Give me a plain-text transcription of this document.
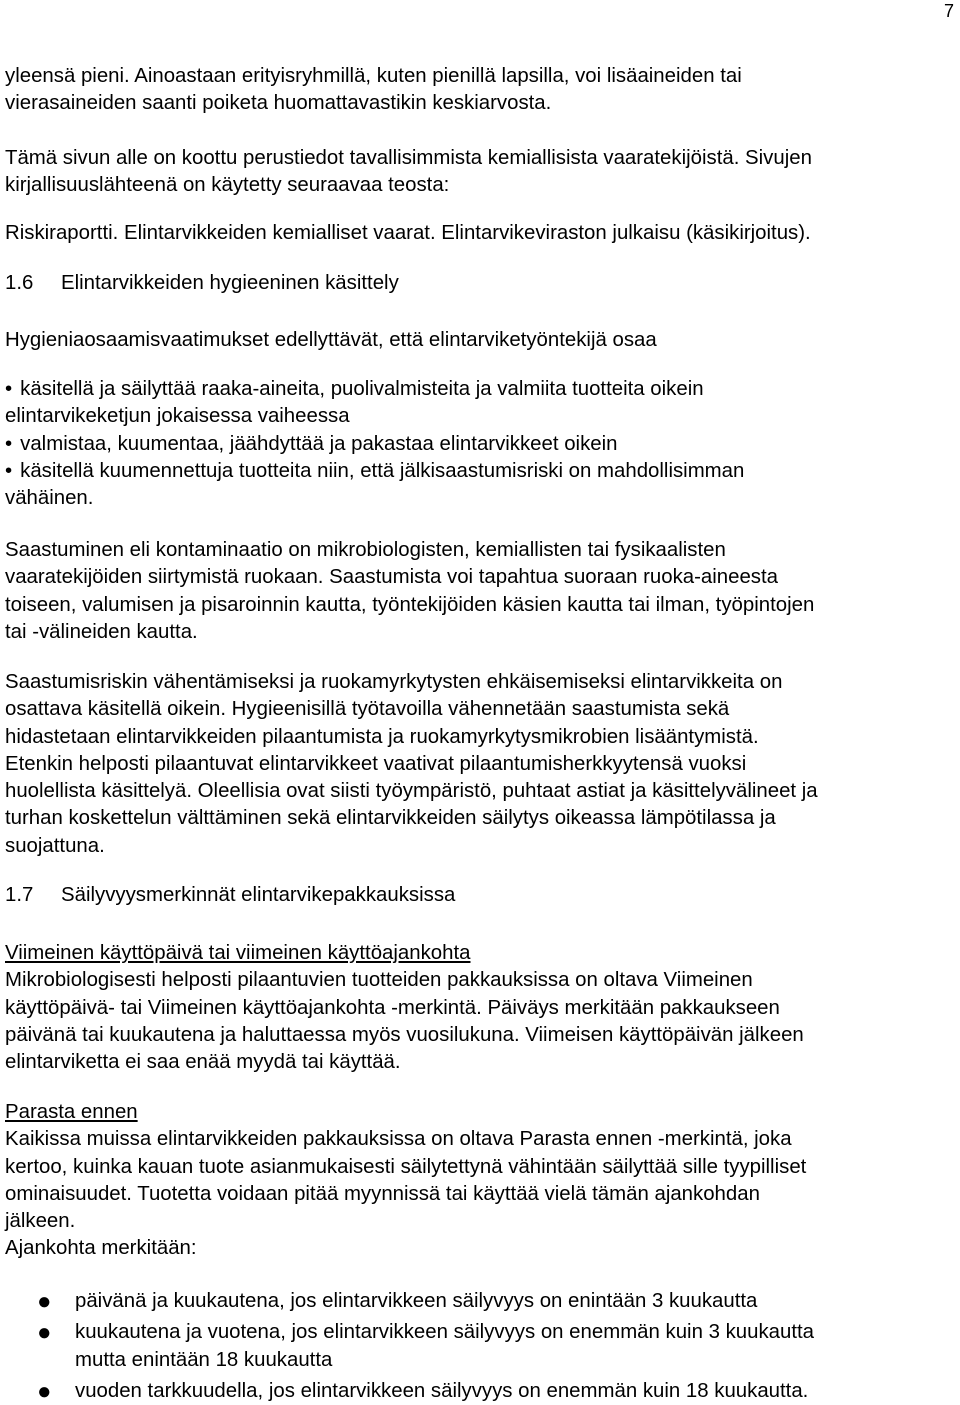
7
yleensä pieni. Ainoastaan erityisryhmillä, kuten pienillä lapsilla, voi lisäaineiden tai
vierasaineiden saanti poiketa huomattavastikin keskiarvosta.
Tämä sivun alle on koottu perustiedot tavallisimmista kemiallisista vaaratekijöistä. Sivujen
kirjallisuuslähteenä on käytetty seuraavaa teosta:
Riskiraportti. Elintarvikkeiden kemialliset vaarat. Elintarvikeviraston julkaisu (käsikirjoitus).
1.6 Elintarvikkeiden hygieeninen käsittely
Hygieniaosaamisvaatimukset edellyttävät, että elintarviketyöntekijä osaa
• käsitellä ja säilyttää raaka-aineita, puolivalmisteita ja valmiita tuotteita oikein
elintarvikeketjun jokaisessa vaiheessa
• valmistaa, kuumentaa, jäähdyttää ja pakastaa elintarvikkeet oikein
• käsitellä kuumennettuja tuotteita niin, että jälkisaastumisriski on mahdollisimman
vähäinen.
Saastuminen eli kontaminaatio on mikrobiologisten, kemiallisten tai fysikaalisten
vaaratekijöiden siirtymistä ruokaan. Saastumista voi tapahtua suoraan ruoka-aineesta
toiseen, valumisen ja pisaroinnin kautta, työntekijöiden käsien kautta tai ilman, työpintojen
tai -välineiden kautta.
Saastumisriskin vähentämiseksi ja ruokamyrkytysten ehkäisemiseksi elintarvikkeita on
osattava käsitellä oikein. Hygieenisillä työtavoilla vähennetään saastumista sekä
hidastetaan elintarvikkeiden pilaantumista ja ruokamyrkytysmikrobien lisääntymistä.
Etenkin helposti pilaantuvat elintarvikkeet vaativat pilaantumisherkkyytensä vuoksi
huolellista käsittelyä. Oleellisia ovat siisti työympäristö, puhtaat astiat ja käsittelyvälineet ja
turhan koskettelun välttäminen sekä elintarvikkeiden säilytys oikeassa lämpötilassa ja
suojattuna.
1.7 Säilyvyysmerkinnät elintarvikepakkauksissa
Viimeinen käyttöpäivä tai viimeinen käyttöajankohta
Mikrobiologisesti helposti pilaantuvien tuotteiden pakkauksissa on oltava Viimeinen
käyttöpäivä- tai Viimeinen käyttöajankohta -merkintä. Päiväys merkitään pakkaukseen
päivänä tai kuukautena ja haluttaessa myös vuosilukuna. Viimeisen käyttöpäivän jälkeen
elintarviketta ei saa enää myydä tai käyttää.
Parasta ennen
Kaikissa muissa elintarvikkeiden pakkauksissa on oltava Parasta ennen -merkintä, joka
kertoo, kuinka kauan tuote asianmukaisesti säilytettynä vähintään säilyttää sille tyypilliset
ominaisuudet. Tuotetta voidaan pitää myynnissä tai käyttää vielä tämän ajankohdan
jälkeen.
Ajankohta merkitään:
● päivänä ja kuukautena, jos elintarvikkeen säilyvyys on enintään 3 kuukautta
● kuukautena ja vuotena, jos elintarvikkeen säilyvyys on enemmän kuin 3 kuukautta
mutta enintään 18 kuukautta
● vuoden tarkkuudella, jos elintarvikkeen säilyvyys on enemmän kuin 18 kuukautta.
